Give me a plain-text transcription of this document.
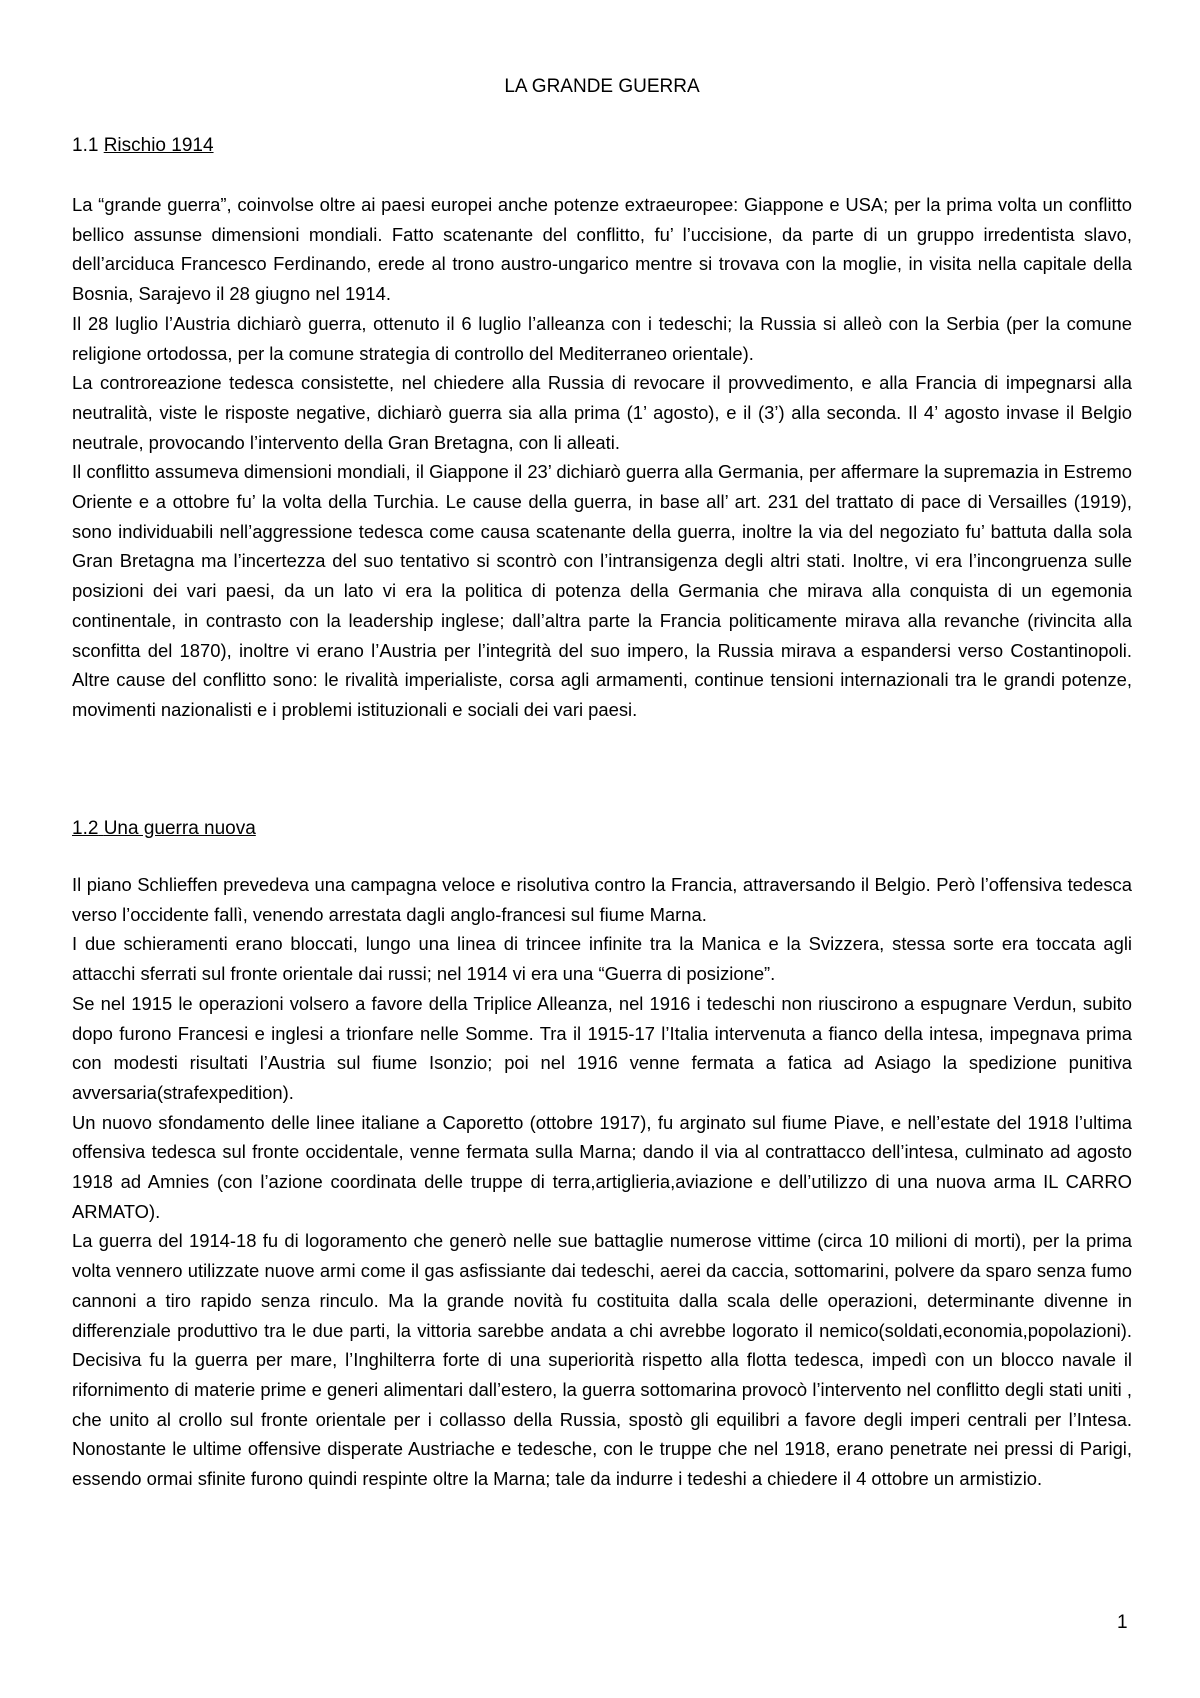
LA GRANDE GUERRA
1.1 Rischio 1914

La “grande guerra”, coinvolse oltre ai paesi europei anche potenze extraeuropee: Giappone e USA; per la prima volta un conflitto bellico assunse dimensioni mondiali. Fatto scatenante del conflitto, fu’ l’uccisione, da parte di un gruppo irredentista slavo, dell’arciduca Francesco Ferdinando, erede al trono austro-ungarico mentre si trovava con la moglie, in visita nella capitale della Bosnia, Sarajevo il 28 giugno nel 1914.

Il 28 luglio l’Austria dichiarò guerra, ottenuto il 6 luglio l’alleanza con i tedeschi; la Russia si alleò con la Serbia (per la comune religione ortodossa, per la comune strategia di controllo del Mediterraneo orientale).

La controreazione tedesca consistette, nel chiedere alla Russia di revocare il provvedimento, e alla Francia di impegnarsi alla neutralità, viste le risposte negative, dichiarò guerra sia alla prima (1’ agosto), e il (3’) alla seconda. Il 4’ agosto invase il Belgio neutrale, provocando l’intervento della Gran Bretagna, con li alleati.

Il conflitto assumeva dimensioni mondiali, il Giappone il 23’ dichiarò guerra alla Germania, per affermare la supremazia in Estremo Oriente e a ottobre fu’ la volta della Turchia. Le cause della guerra, in base all’ art. 231 del trattato di pace di Versailles (1919), sono individuabili nell’aggressione tedesca come causa scatenante della guerra, inoltre la via del negoziato fu’ battuta dalla sola Gran Bretagna ma l’incertezza del suo tentativo si scontrò con l’intransigenza degli altri stati. Inoltre, vi era l’incongruenza sulle posizioni dei vari paesi, da un lato vi era la politica di potenza della Germania che mirava alla conquista di un egemonia continentale, in contrasto con la leadership inglese; dall’altra parte la Francia politicamente mirava alla revanche (rivincita alla sconfitta del 1870), inoltre vi erano l’Austria per l’integrità del suo impero, la Russia mirava a espandersi verso Costantinopoli. Altre cause del conflitto sono: le rivalità imperialiste, corsa agli armamenti, continue tensioni internazionali tra le grandi potenze, movimenti nazionalisti e i problemi istituzionali e sociali dei vari paesi.

1.2 Una guerra nuova

Il piano Schlieffen prevedeva una campagna veloce e risolutiva contro la Francia, attraversando il Belgio. Però l’offensiva tedesca verso l’occidente fallì, venendo arrestata dagli anglo-francesi sul fiume Marna.

I due schieramenti erano bloccati, lungo una linea di trincee infinite tra la Manica e la Svizzera, stessa sorte era toccata agli attacchi sferrati sul fronte orientale dai russi; nel 1914 vi era una “Guerra di posizione”.

Se nel 1915 le operazioni volsero a favore della Triplice Alleanza, nel 1916 i tedeschi non riuscirono a espugnare Verdun, subito dopo furono Francesi e inglesi a trionfare nelle Somme. Tra il 1915-17 l’Italia intervenuta a fianco della intesa, impegnava prima con modesti risultati l’Austria sul fiume Isonzio; poi nel 1916 venne fermata a fatica ad Asiago la spedizione punitiva avversaria(strafexpedition).

Un nuovo sfondamento delle linee italiane a Caporetto (ottobre 1917), fu arginato sul fiume Piave, e nell’estate del 1918 l’ultima offensiva tedesca sul fronte occidentale, venne fermata sulla Marna; dando il via al contrattacco dell’intesa, culminato ad agosto 1918 ad Amnies (con l’azione coordinata delle truppe di terra,artiglieria,aviazione e dell’utilizzo di una nuova arma IL CARRO ARMATO).

La guerra del 1914-18 fu di logoramento che generò nelle sue battaglie numerose vittime (circa 10 milioni di morti), per la prima volta vennero utilizzate nuove armi come il gas asfissiante dai tedeschi, aerei da caccia, sottomarini, polvere da sparo senza fumo cannoni a tiro rapido senza rinculo. Ma la grande novità fu costituita dalla scala delle operazioni, determinante divenne in differenziale produttivo tra le due parti, la vittoria sarebbe andata a chi avrebbe logorato il nemico(soldati,economia,popolazioni). Decisiva fu la guerra per mare, l’Inghilterra forte di una superiorità rispetto alla flotta tedesca, impedì con un blocco navale il rifornimento di materie prime e generi alimentari dall’estero, la guerra sottomarina provocò l’intervento nel conflitto degli stati uniti , che unito al crollo sul fronte orientale per i collasso della Russia, spostò gli equilibri a favore degli imperi centrali per l’Intesa. Nonostante le ultime offensive disperate Austriache e tedesche, con le truppe che nel 1918, erano penetrate nei pressi di Parigi, essendo ormai sfinite furono quindi respinte oltre la Marna; tale da indurre i tedeshi a chiedere il 4 ottobre un armistizio.

1
